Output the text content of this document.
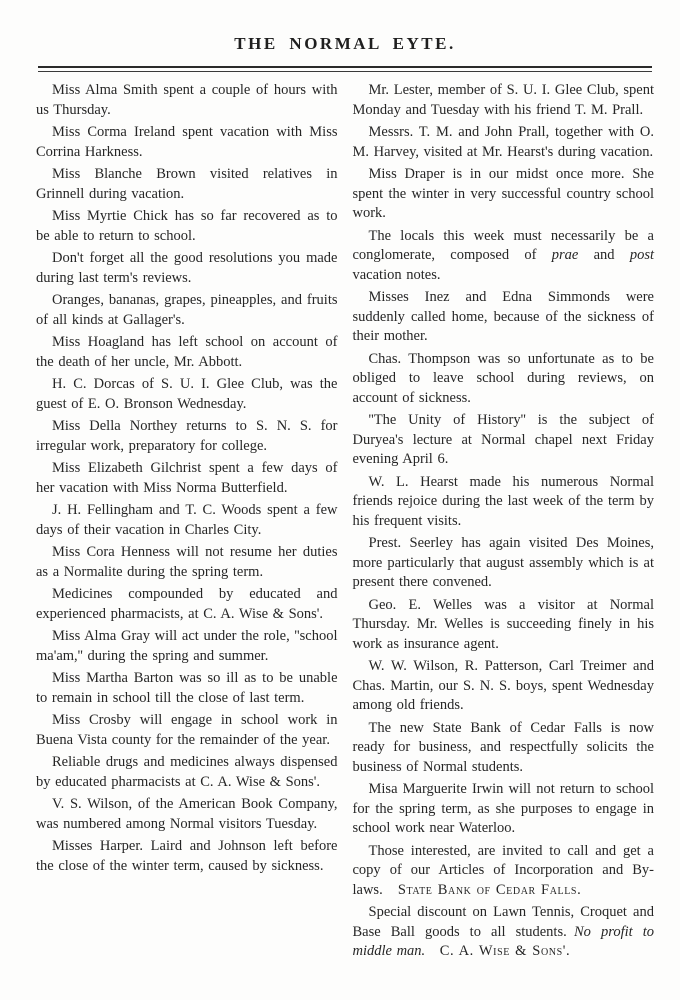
THE NORMAL EYTE.

Miss Alma Smith spent a couple of hours with us Thursday.

Miss Corma Ireland spent vacation with Miss Corrina Harkness.

Miss Blanche Brown visited relatives in Grinnell during vacation.

Miss Myrtie Chick has so far recovered as to be able to return to school.

Don't forget all the good resolutions you made during last term's reviews.

Oranges, bananas, grapes, pineapples, and fruits of all kinds at Gallager's.

Miss Hoagland has left school on account of the death of her uncle, Mr. Abbott.

H. C. Dorcas of S. U. I. Glee Club, was the guest of E. O. Bronson Wednesday.

Miss Della Northey returns to S. N. S. for irregular work, preparatory for college.

Miss Elizabeth Gilchrist spent a few days of her vacation with Miss Norma Butterfield.

J. H. Fellingham and T. C. Woods spent a few days of their vacation in Charles City.

Miss Cora Henness will not resume her duties as a Normalite during the spring term.

Medicines compounded by educated and experienced pharmacists, at C. A. Wise & Sons'.

Miss Alma Gray will act under the role, ''school ma'am,'' during the spring and summer.

Miss Martha Barton was so ill as to be unable to remain in school till the close of last term.

Miss Crosby will engage in school work in Buena Vista county for the remainder of the year.

Reliable drugs and medicines always dispensed by educated pharmacists at C. A. Wise & Sons'.

V. S. Wilson, of the American Book Company, was numbered among Normal visitors Tuesday.

Misses Harper. Laird and Johnson left before the close of the winter term, caused by sickness.

Mr. Lester, member of S. U. I. Glee Club, spent Monday and Tuesday with his friend T. M. Prall.

Messrs. T. M. and John Prall, together with O. M. Harvey, visited at Mr. Hearst's during vacation.

Miss Draper is in our midst once more. She spent the winter in very successful country school work.

The locals this week must necessarily be a conglomerate, composed of prae and post vacation notes.

Misses Inez and Edna Simmonds were suddenly called home, because of the sickness of their mother.

Chas. Thompson was so unfortunate as to be obliged to leave school during reviews, on account of sickness.

''The Unity of History'' is the subject of Duryea's lecture at Normal chapel next Friday evening April 6.

W. L. Hearst made his numerous Normal friends rejoice during the last week of the term by his frequent visits.

Prest. Seerley has again visited Des Moines, more particularly that august assembly which is at present there convened.

Geo. E. Welles was a visitor at Normal Thursday. Mr. Welles is succeeding finely in his work as insurance agent.

W. W. Wilson, R. Patterson, Carl Treimer and Chas. Martin, our S. N. S. boys, spent Wednesday among old friends.

The new State Bank of Cedar Falls is now ready for business, and respectfully solicits the business of Normal students.

Misa Marguerite Irwin will not return to school for the spring term, as she purposes to engage in school work near Waterloo.

Those interested, are invited to call and get a copy of our Articles of Incorporation and By-laws. State Bank of Cedar Falls.

Special discount on Lawn Tennis, Croquet and Base Ball goods to all students. No profit to middle man.  C. A. Wise & Sons'.
